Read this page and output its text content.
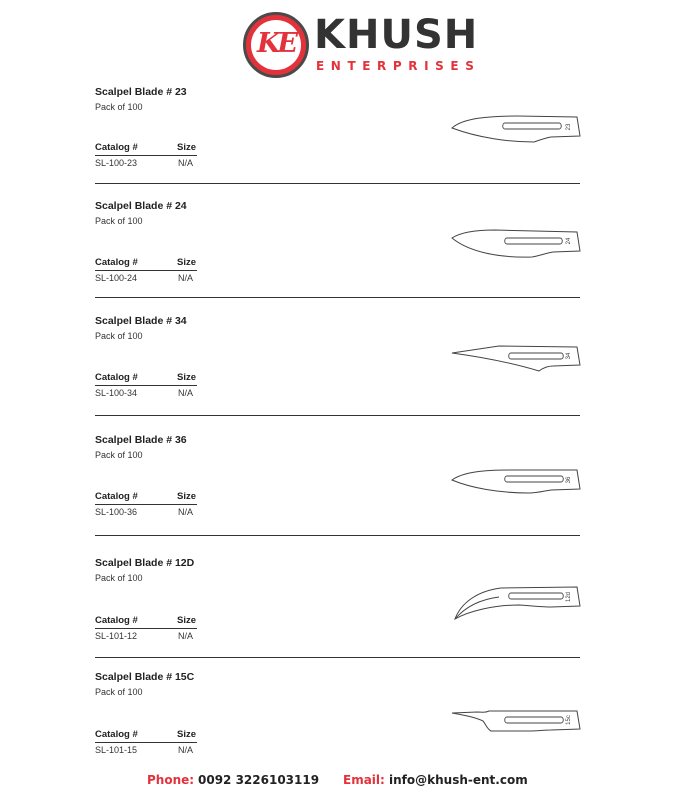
KE KHUSH
ENTERPRISES
Scalpel Blade # 23
Pack of 100
Catalog #	Size
SL-100-23	N/A
23
Scalpel Blade # 24
Pack of 100
Catalog #	Size
SL-100-24	N/A
24
Scalpel Blade # 34
Pack of 100
Catalog #	Size
SL-100-34	N/A
34
Scalpel Blade # 36
Pack of 100
Catalog #	Size
SL-100-36	N/A
36
Scalpel Blade # 12D
Pack of 100
Catalog #	Size
SL-101-12	N/A
12d
Scalpel Blade # 15C
Pack of 100
Catalog #	Size
SL-101-15	N/A
15c
Phone: 0092 3226103119 Email: info@khush-ent.com
